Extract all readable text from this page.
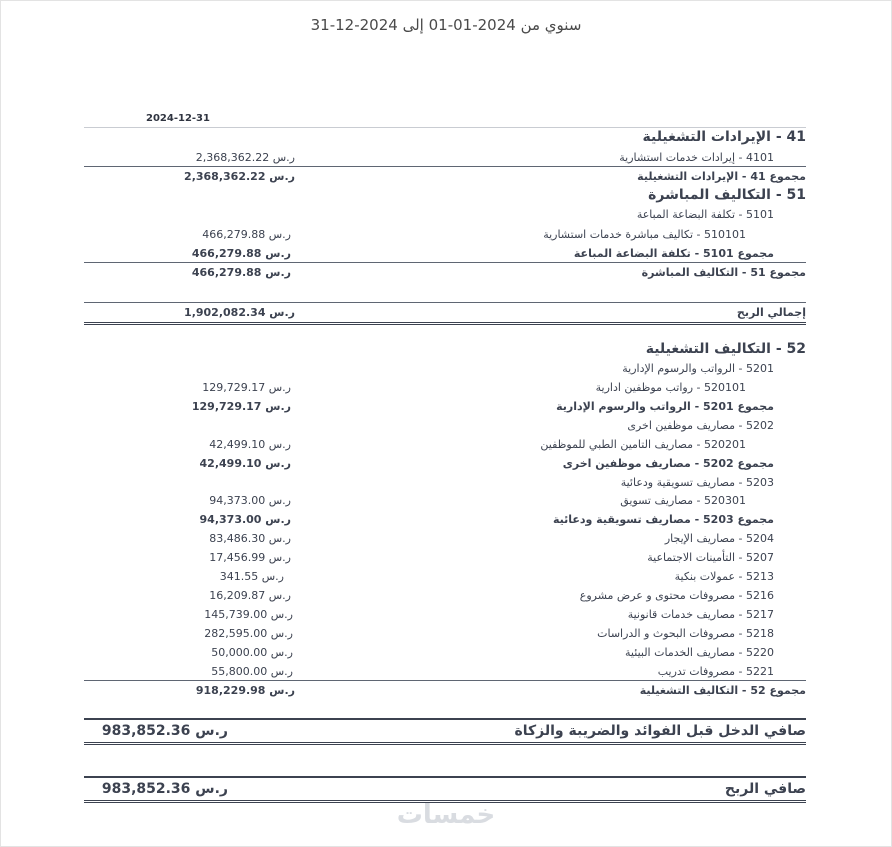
سنوي من 2024-01-01 إلى 2024-12-31
2024-12-31
41 - الإيرادات التشغيلية
4101 - إيرادات خدمات استشارية
2,368,362.22 ر.س
مجموع 41 - الإيرادات التشغيلية
2,368,362.22 ر.س
51 - التكاليف المباشرة
5101 - تكلفة البضاعة المباعة
510101 - تكاليف مباشرة خدمات استشارية
466,279.88 ر.س
مجموع 5101 - تكلفة البضاعة المباعة
466,279.88 ر.س
مجموع 51 - التكاليف المباشرة
466,279.88 ر.س
إجمالي الربح
1,902,082.34 ر.س
52 - التكاليف التشغيلية
5201 - الرواتب والرسوم الإدارية
520101 - رواتب موظفين ادارية
129,729.17 ر.س
مجموع 5201 - الرواتب والرسوم الإدارية
129,729.17 ر.س
5202 - مصاريف موظفين اخرى
520201 - مصاريف التامين الطبي للموظفين
42,499.10 ر.س
مجموع 5202 - مصاريف موظفين اخرى
42,499.10 ر.س
5203 - مصاريف تسويقية ودعائية
520301 - مصاريف تسويق
94,373.00 ر.س
مجموع 5203 - مصاريف تسويقية ودعائية
94,373.00 ر.س
5204 - مصاريف الإيجار
83,486.30 ر.س
5207 - التأمينات الاجتماعية
17,456.99 ر.س
5213 - عمولات بنكية
341.55 ر.س
5216 - مصروفات محتوى و عرض مشروع
16,209.87 ر.س
5217 - مصاريف خدمات قانونية
145,739.00 ر.س
5218 - مصروفات البحوث و الدراسات
282,595.00 ر.س
5220 - مصاريف الخدمات البيئية
50,000.00 ر.س
5221 - مصروفات تدريب
55,800.00 ر.س
مجموع 52 - التكاليف التشغيلية
918,229.98 ر.س
صافي الدخل قبل الفوائد والضريبة والزكاة
983,852.36 ر.س
صافي الربح
983,852.36 ر.س
خمسات
